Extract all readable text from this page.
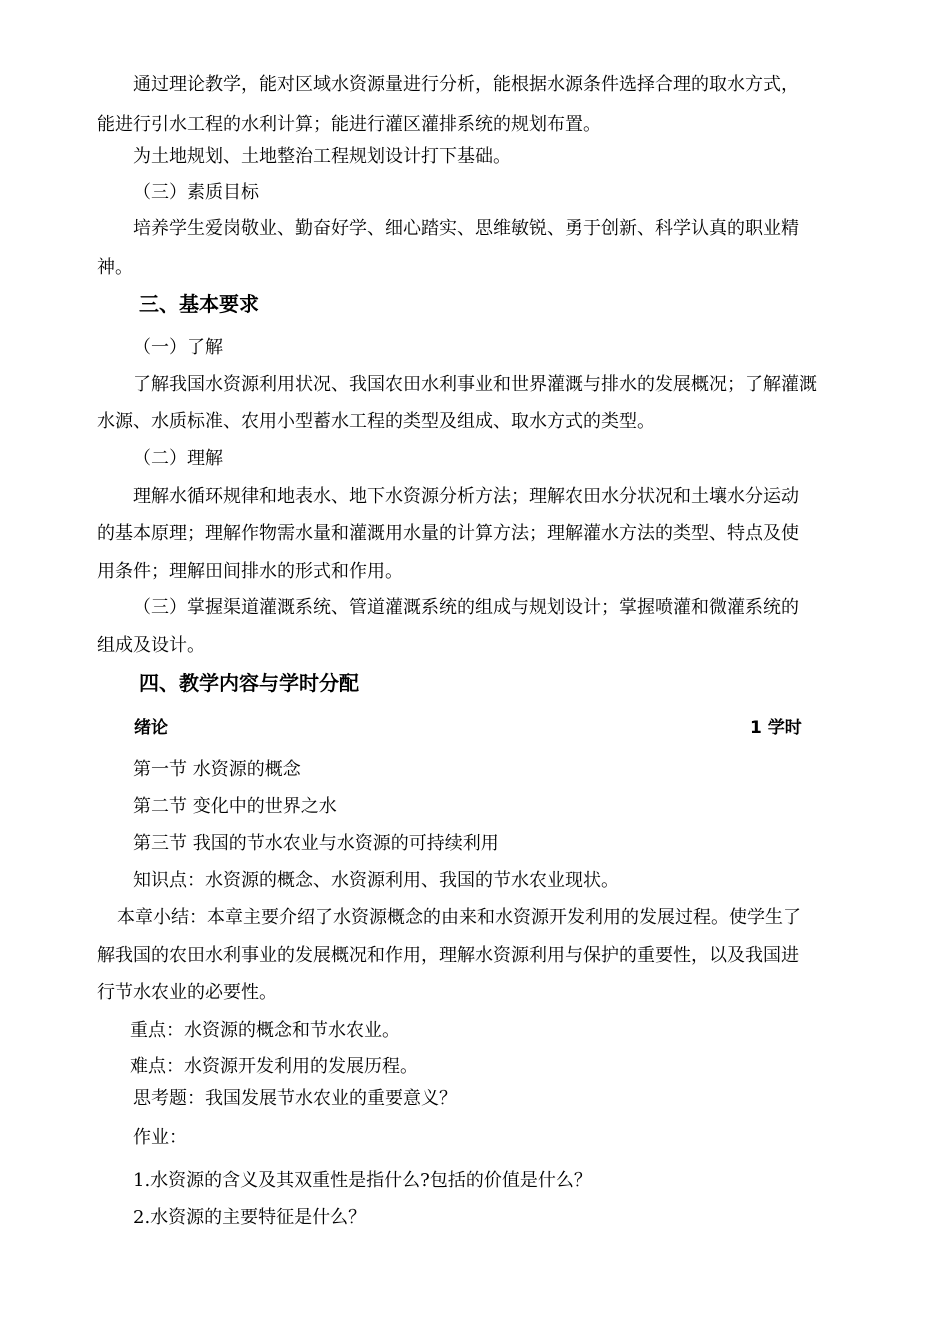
通过理论教学，能对区域水资源量进行分析，能根据水源条件选择合理的取水方式，
能进行引水工程的水利计算；能进行灌区灌排系统的规划布置。
为土地规划、土地整治工程规划设计打下基础。
（三）素质目标
培养学生爱岗敬业、勤奋好学、细心踏实、思维敏锐、勇于创新、科学认真的职业精
神。
三、基本要求
（一）了解
了解我国水资源利用状况、我国农田水利事业和世界灌溉与排水的发展概况；了解灌溉
水源、水质标准、农用小型蓄水工程的类型及组成、取水方式的类型。
（二）理解
理解水循环规律和地表水、地下水资源分析方法；理解农田水分状况和土壤水分运动
的基本原理；理解作物需水量和灌溉用水量的计算方法；理解灌水方法的类型、特点及使
用条件；理解田间排水的形式和作用。
（三）掌握渠道灌溉系统、管道灌溉系统的组成与规划设计；掌握喷灌和微灌系统的
组成及设计。
四、教学内容与学时分配
绪论	1 学时
第一节 水资源的概念
第二节 变化中的世界之水
第三节 我国的节水农业与水资源的可持续利用
知识点：水资源的概念、水资源利用、我国的节水农业现状。
本章小结：本章主要介绍了水资源概念的由来和水资源开发利用的发展过程。使学生了
解我国的农田水利事业的发展概况和作用，理解水资源利用与保护的重要性，以及我国进
行节水农业的必要性。
重点：水资源的概念和节水农业。
难点：水资源开发利用的发展历程。
思考题：我国发展节水农业的重要意义？
作业：
1.水资源的含义及其双重性是指什么?包括的价值是什么？
2.水资源的主要特征是什么？
